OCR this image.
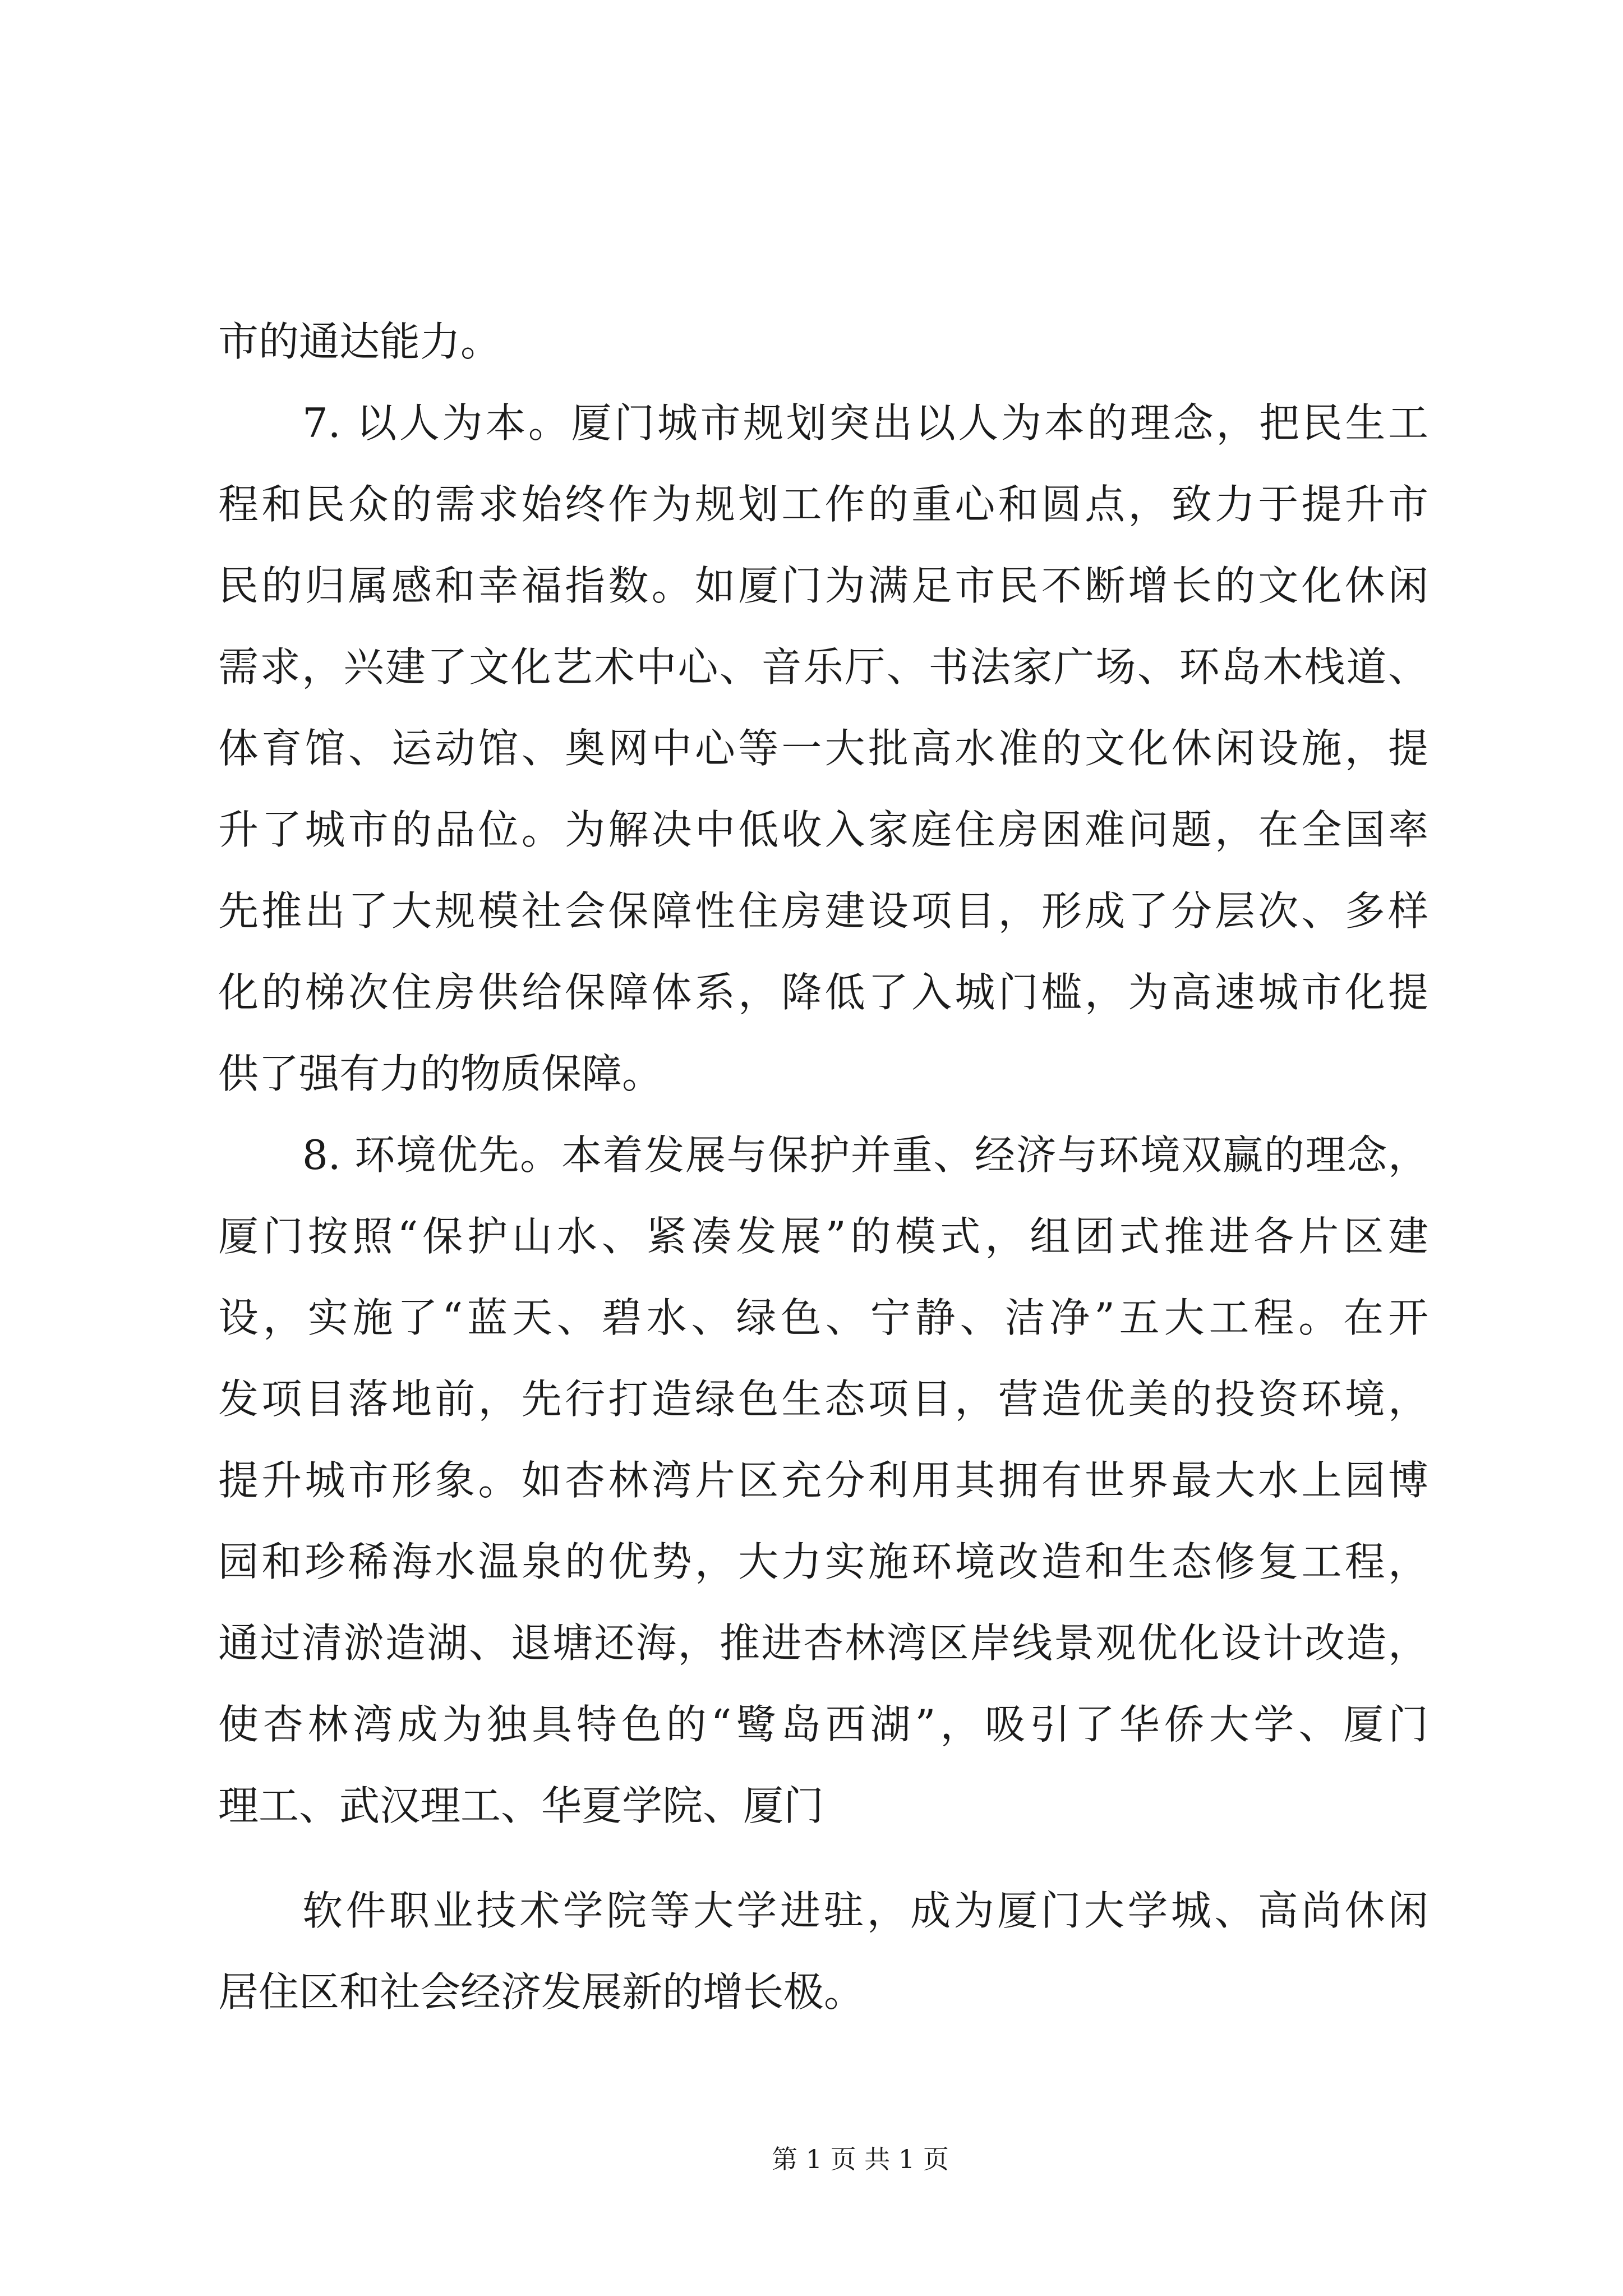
市的通达能力。
7. 以人为本。厦门城市规划突出以人为本的理念，把民生工
程和民众的需求始终作为规划工作的重心和圆点，致力于提升市
民的归属感和幸福指数。如厦门为满足市民不断增长的文化休闲
需求，兴建了文化艺术中心、音乐厅、书法家广场、环岛木栈道、
体育馆、运动馆、奥网中心等一大批高水准的文化休闲设施，提
升了城市的品位。为解决中低收入家庭住房困难问题，在全国率
先推出了大规模社会保障性住房建设项目，形成了分层次、多样
化的梯次住房供给保障体系，降低了入城门槛，为高速城市化提
供了强有力的物质保障。
8. 环境优先。本着发展与保护并重、经济与环境双赢的理念，
厦门按照“保护山水、紧凑发展”的模式，组团式推进各片区建
设，实施了“蓝天、碧水、绿色、宁静、洁净”五大工程。在开
发项目落地前，先行打造绿色生态项目，营造优美的投资环境，
提升城市形象。如杏林湾片区充分利用其拥有世界最大水上园博
园和珍稀海水温泉的优势，大力实施环境改造和生态修复工程，
通过清淤造湖、退塘还海，推进杏林湾区岸线景观优化设计改造，
使杏林湾成为独具特色的“鹭岛西湖”，吸引了华侨大学、厦门
理工、武汉理工、华夏学院、厦门
软件职业技术学院等大学进驻，成为厦门大学城、高尚休闲
居住区和社会经济发展新的增长极。
第 1 页 共 1 页
